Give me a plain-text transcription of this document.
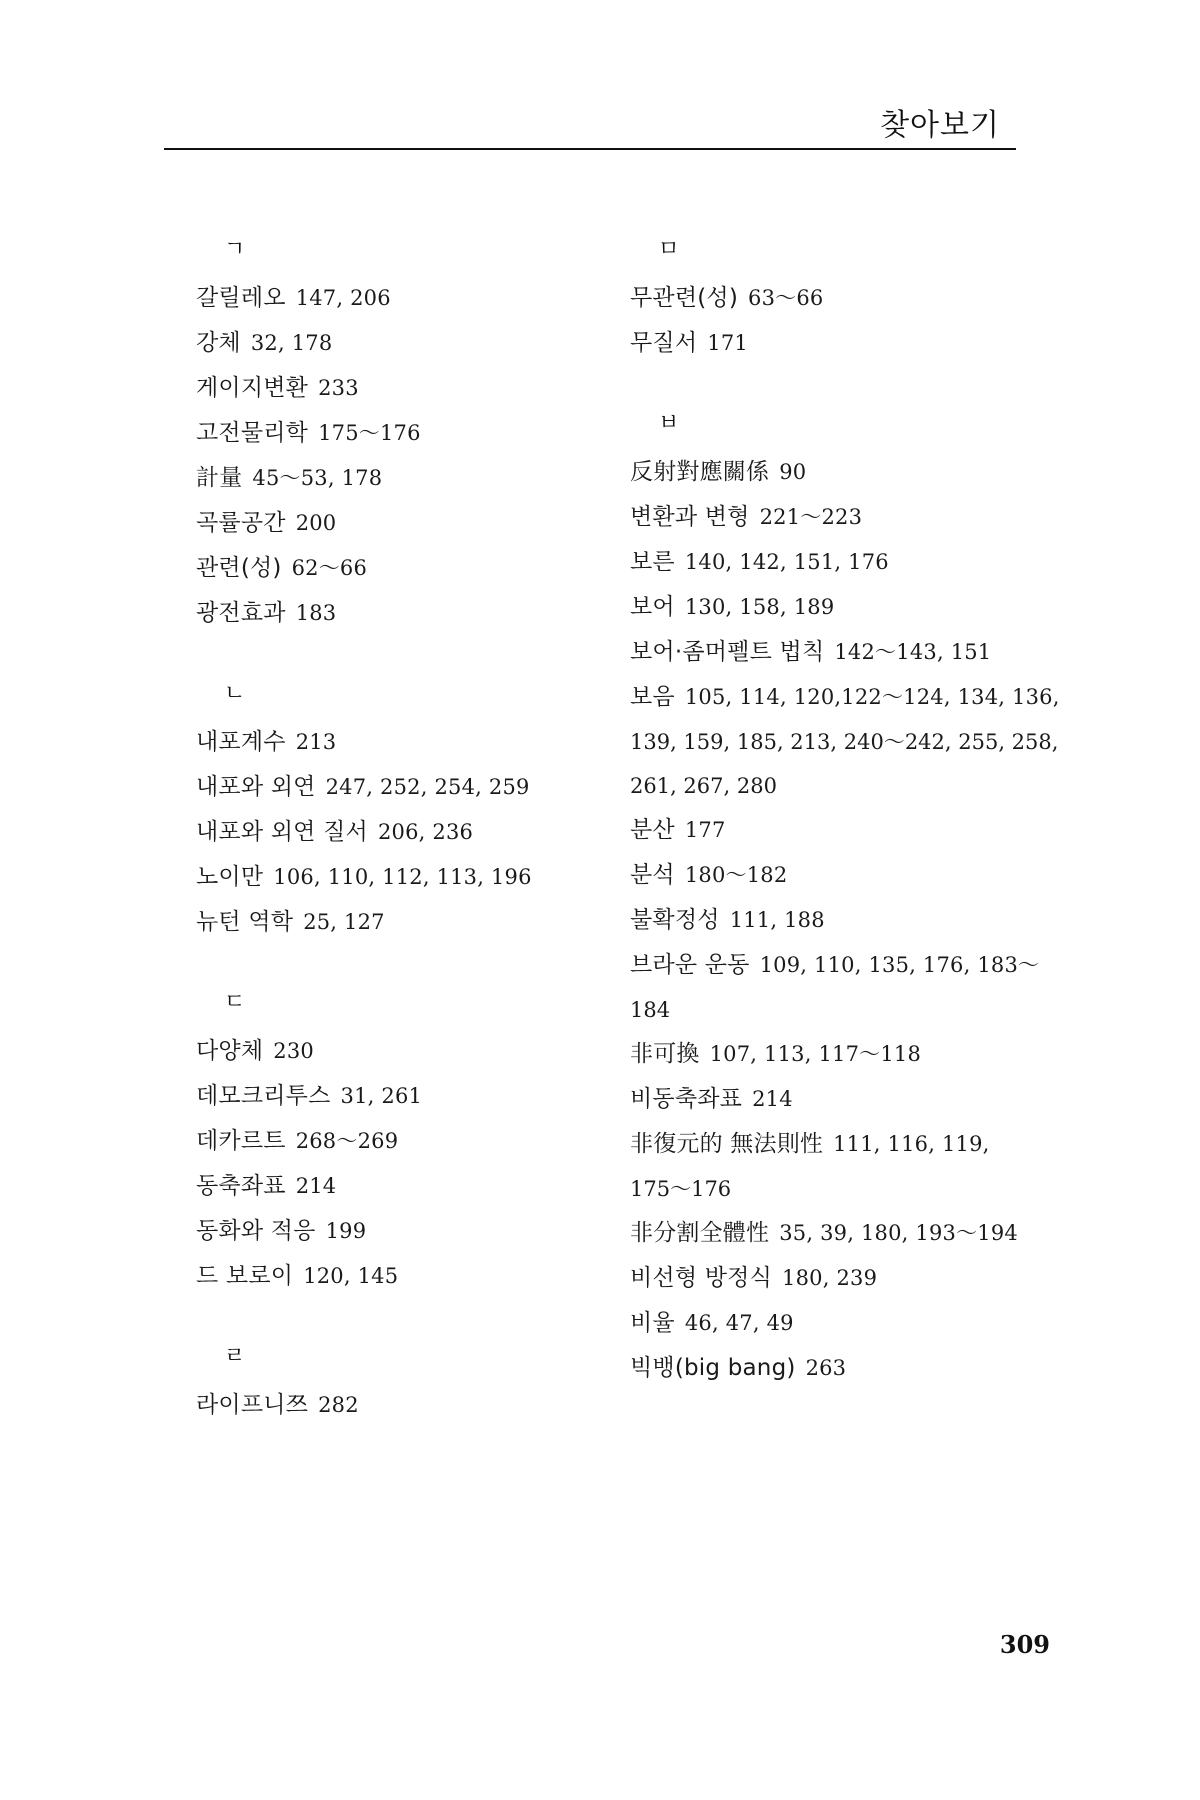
찾아보기
ㄱ
갈릴레오 147, 206
강체 32, 178
게이지변환 233
고전물리학 175～176
計量 45～53, 178
곡률공간 200
관련(성) 62～66
광전효과 183
ㄴ
내포계수 213
내포와 외연 247, 252, 254, 259
내포와 외연 질서 206, 236
노이만 106, 110, 112, 113, 196
뉴턴 역학 25, 127
ㄷ
다양체 230
데모크리투스 31, 261
데카르트 268～269
동축좌표 214
동화와 적응 199
드 보로이 120, 145
ㄹ
라이프니쯔 282
ㅁ
무관련(성) 63～66
무질서 171
ㅂ
反射對應關係 90
변환과 변형 221～223
보른 140, 142, 151, 176
보어 130, 158, 189
보어·좀머펠트 법칙 142～143, 151
보음 105, 114, 120,122～124, 134, 136,
139, 159, 185, 213, 240～242, 255, 258,
261, 267, 280
분산 177
분석 180～182
불확정성 111, 188
브라운 운동 109, 110, 135, 176, 183～
184
非可換 107, 113, 117～118
비동축좌표 214
非復元的 無法則性 111, 116, 119,
175～176
非分割全體性 35, 39, 180, 193～194
비선형 방정식 180, 239
비율 46, 47, 49
빅뱅(big bang) 263
309
